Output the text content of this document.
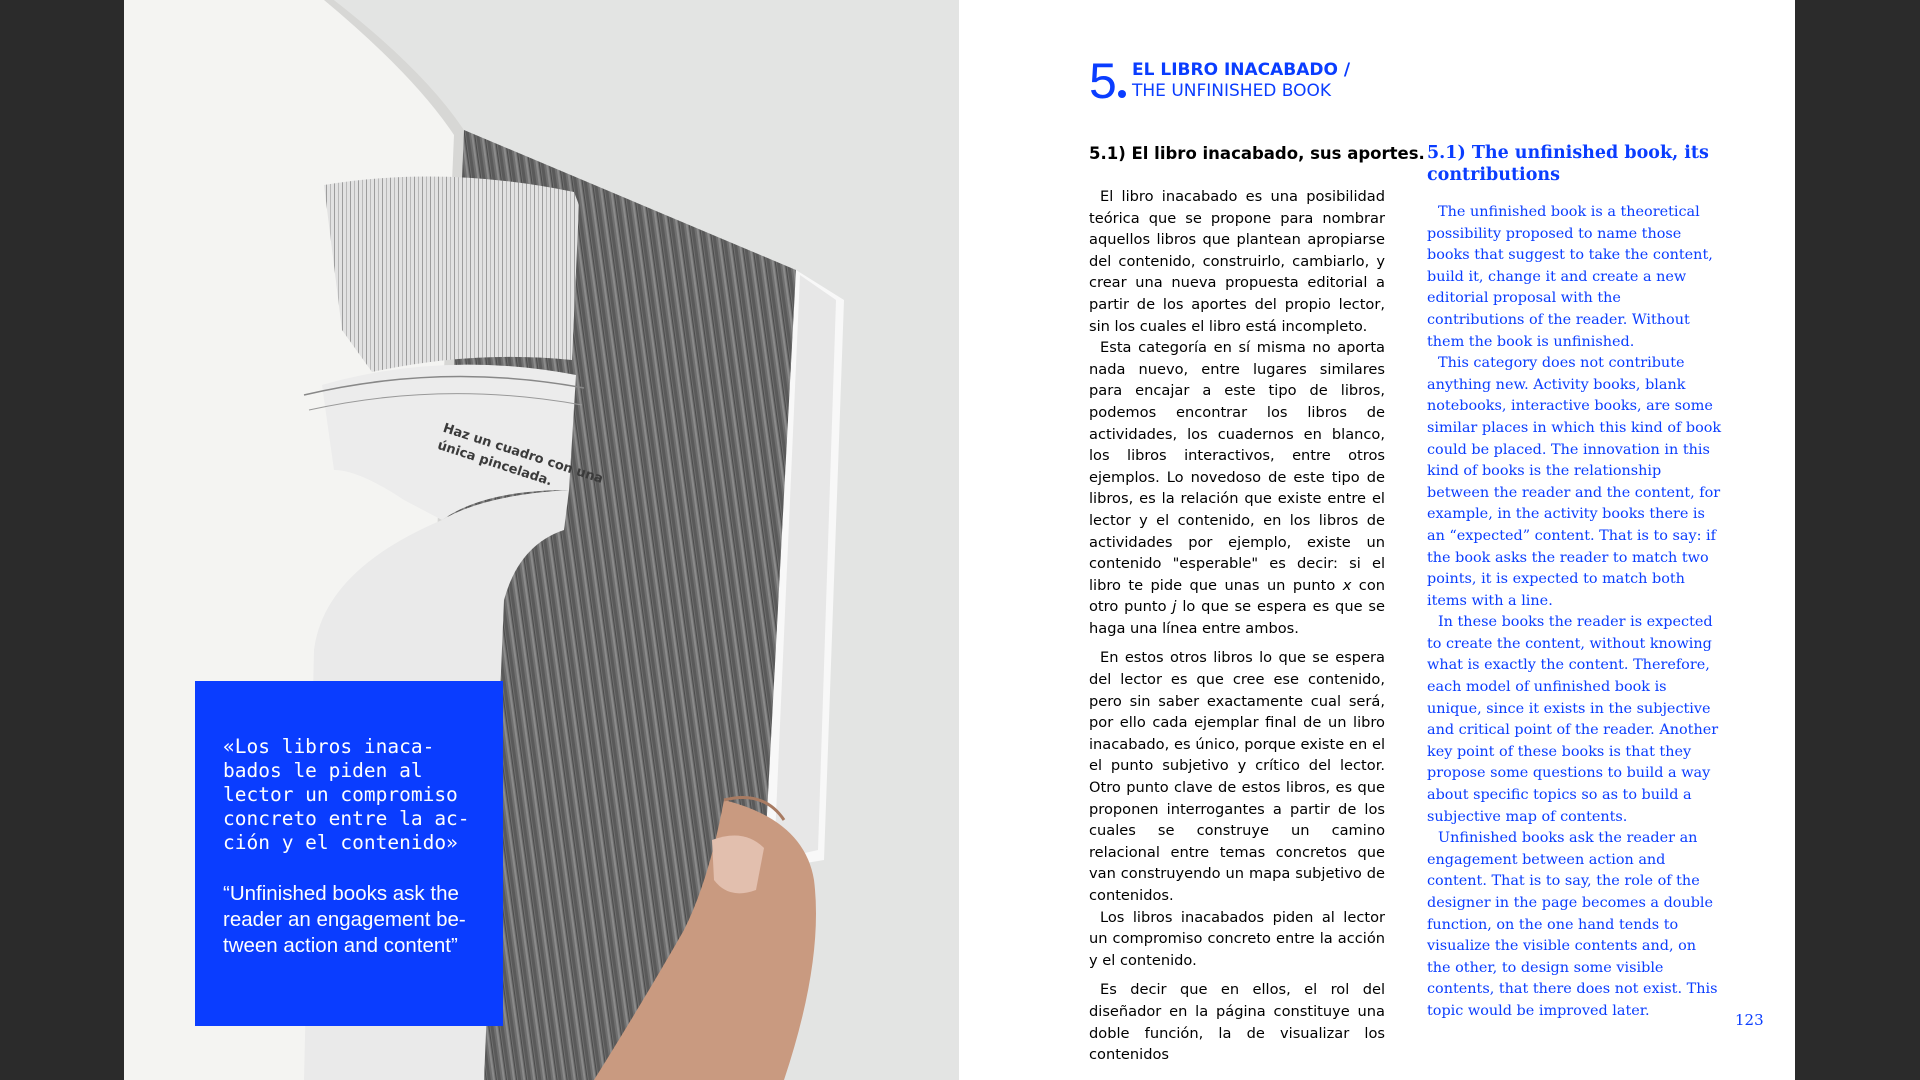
Haz un cuadro con una
única pincelada.

«Los libros inaca-
bados le piden al
lector un compromiso
concreto entre la ac-
ción y el contenido»

“Unfinished books ask the
reader an engagement be-
tween action and content”

5 EL LIBRO INACABADO /
THE UNFINISHED BOOK
5.1) El libro inacabado, sus aportes.

El libro inacabado es una posibilidad teórica que se propone para nombrar aquellos libros que plantean apropiarse del contenido, construirlo, cambiarlo, y crear una nueva propuesta editorial a partir de los aportes del propio lector, sin los cuales el libro está incompleto.

Esta categoría en sí misma no aporta nada nuevo, entre lugares similares para encajar a este tipo de libros, podemos encontrar los libros de actividades, los cuadernos en blanco, los libros interactivos, entre otros ejemplos. Lo novedoso de este tipo de libros, es la relación que existe entre el lector y el contenido, en los libros de actividades por ejemplo, existe un contenido "esperable" es decir: si el libro te pide que unas un punto x con otro punto j lo que se espera es que se haga una línea entre ambos.

En estos otros libros lo que se espera del lector es que cree ese contenido, pero sin saber exactamente cual será, por ello cada ejemplar final de un libro inacabado, es único, porque existe en el el punto subjetivo y crítico del lector. Otro punto clave de estos libros, es que proponen interrogantes a partir de los cuales se construye un camino relacional entre temas concretos que van construyendo un mapa subjetivo de contenidos.

Los libros inacabados piden al lector un compromiso concreto entre la acción y el contenido.

Es decir que en ellos, el rol del diseñador en la página constituye una doble función, la de visualizar los contenidos

5.1) The unfinished book, its contributions

The unfinished book is a theoretical possibility proposed to name those books that suggest to take the content, build it, change it and create a new editorial proposal with the contributions of the reader. Without them the book is unfinished.

This category does not contribute anything new. Activity books, blank notebooks, interactive books, are some similar places in which this kind of book could be placed. The innovation in this kind of books is the relationship between the reader and the content, for example, in the activity books there is an “expected” content. That is to say: if the book asks the reader to match two points, it is expected to match both items with a line.

In these books the reader is expected to create the content, without knowing what is exactly the content. Therefore, each model of unfinished book is unique, since it exists in the subjective and critical point of the reader. Another key point of these books is that they propose some questions to build a way about specific topics so as to build a subjective map of contents.

Unfinished books ask the reader an engagement between action and content. That is to say, the role of the designer in the page becomes a double function, on the one hand tends to visualize the visible contents and, on the other, to design some visible contents, that there does not exist. This topic would be improved later.

123
